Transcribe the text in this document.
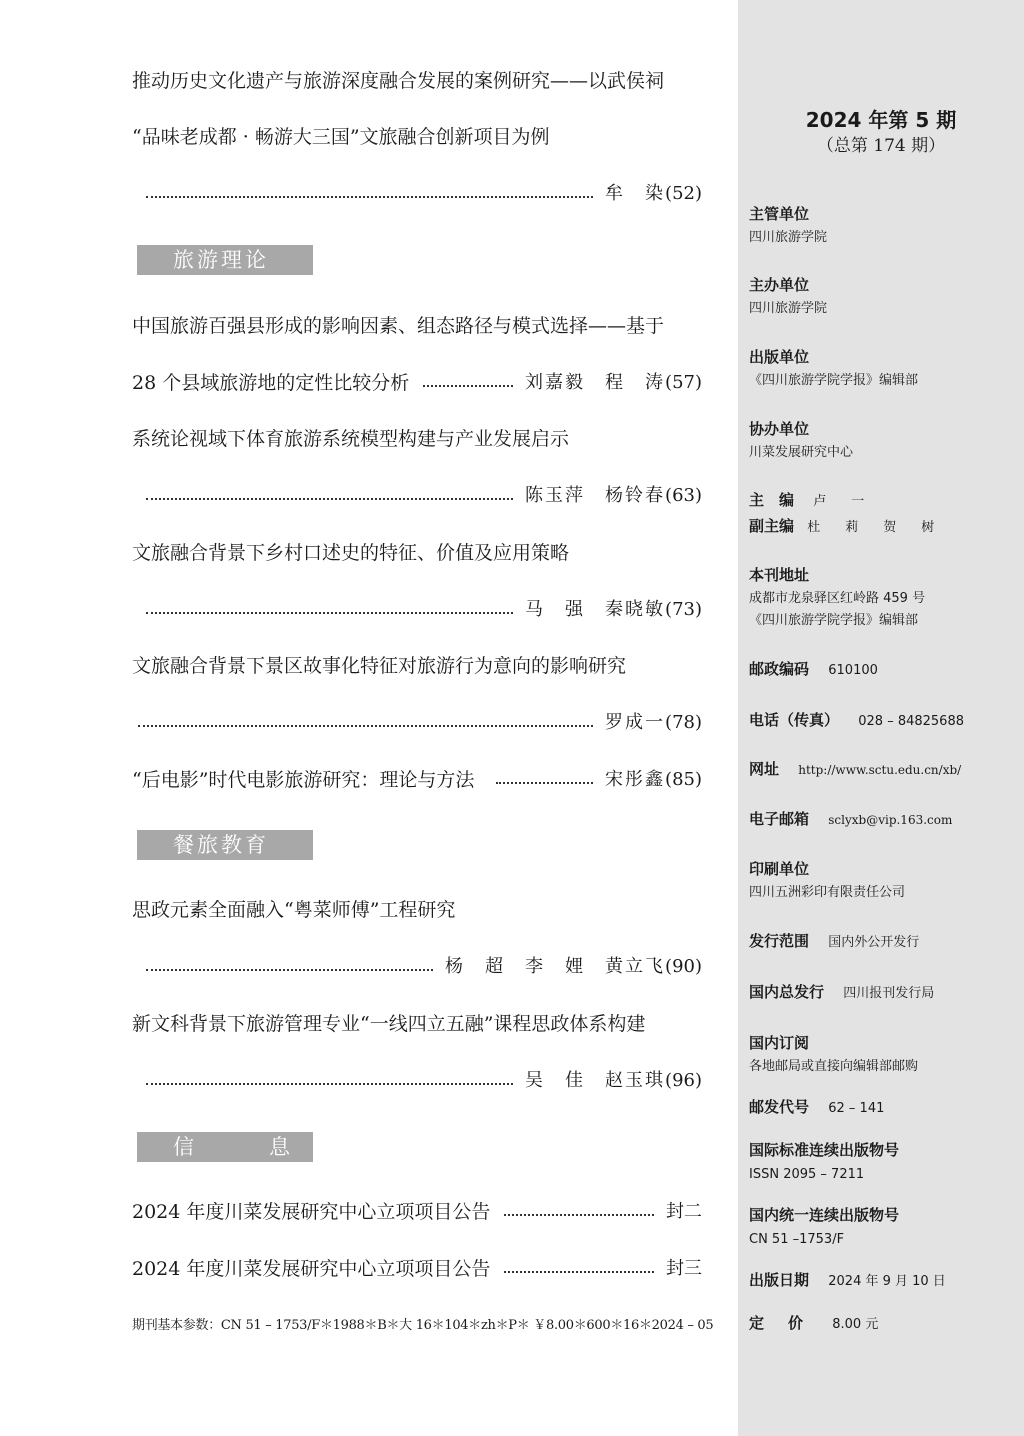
推动历史文化遗产与旅游深度融合发展的案例研究——以武侯祠
“品味老成都 · 畅游大三国”文旅融合创新项目为例
牟　染 (52)
旅游理论
中国旅游百强县形成的影响因素、组态路径与模式选择——基于
28 个县域旅游地的定性比较分析	刘嘉毅　程　涛 (57)
系统论视域下体育旅游系统模型构建与产业发展启示
陈玉萍　杨铃春 (63)
文旅融合背景下乡村口述史的特征、价值及应用策略
马　强　秦晓敏 (73)
文旅融合背景下景区故事化特征对旅游行为意向的影响研究
罗成一 (78)
“后电影”时代电影旅游研究：理论与方法	宋彤鑫 (85)
餐旅教育
思政元素全面融入“粤菜师傅”工程研究
杨　超　李　娌　黄立飞 (90)
新文科背景下旅游管理专业“一线四立五融”课程思政体系构建
吴　佳　赵玉琪 (96)
信　　　息
2024 年度川菜发展研究中心立项项目公告	封二
2024 年度川菜发展研究中心立项项目公告	封三
期刊基本参数：CN 51 – 1753/F＊1988＊B＊大 16＊104＊zh＊P＊ ￥8.00＊600＊16＊2024 – 05
2024 年第 5 期
（总第 174 期）
主管单位
四川旅游学院
主办单位
四川旅游学院
出版单位
《四川旅游学院学报》编辑部
协办单位
川菜发展研究中心
主　编 卢　一
副主编 杜　莉　贺　树
本刊地址
成都市龙泉驿区红岭路 459 号
《四川旅游学院学报》编辑部
邮政编码 610100
电话（传真） 028 – 84825688
网址 http://www.sctu.edu.cn/xb/
电子邮箱 sclyxb@vip.163.com
印刷单位
四川五洲彩印有限责任公司
发行范围 国内外公开发行
国内总发行 四川报刊发行局
国内订阅
各地邮局或直接向编辑部邮购
邮发代号 62 – 141
国际标准连续出版物号
ISSN 2095 – 7211
国内统一连续出版物号
CN 51 –1753/F
出版日期 2024 年 9 月 10 日
定价 8.00 元
